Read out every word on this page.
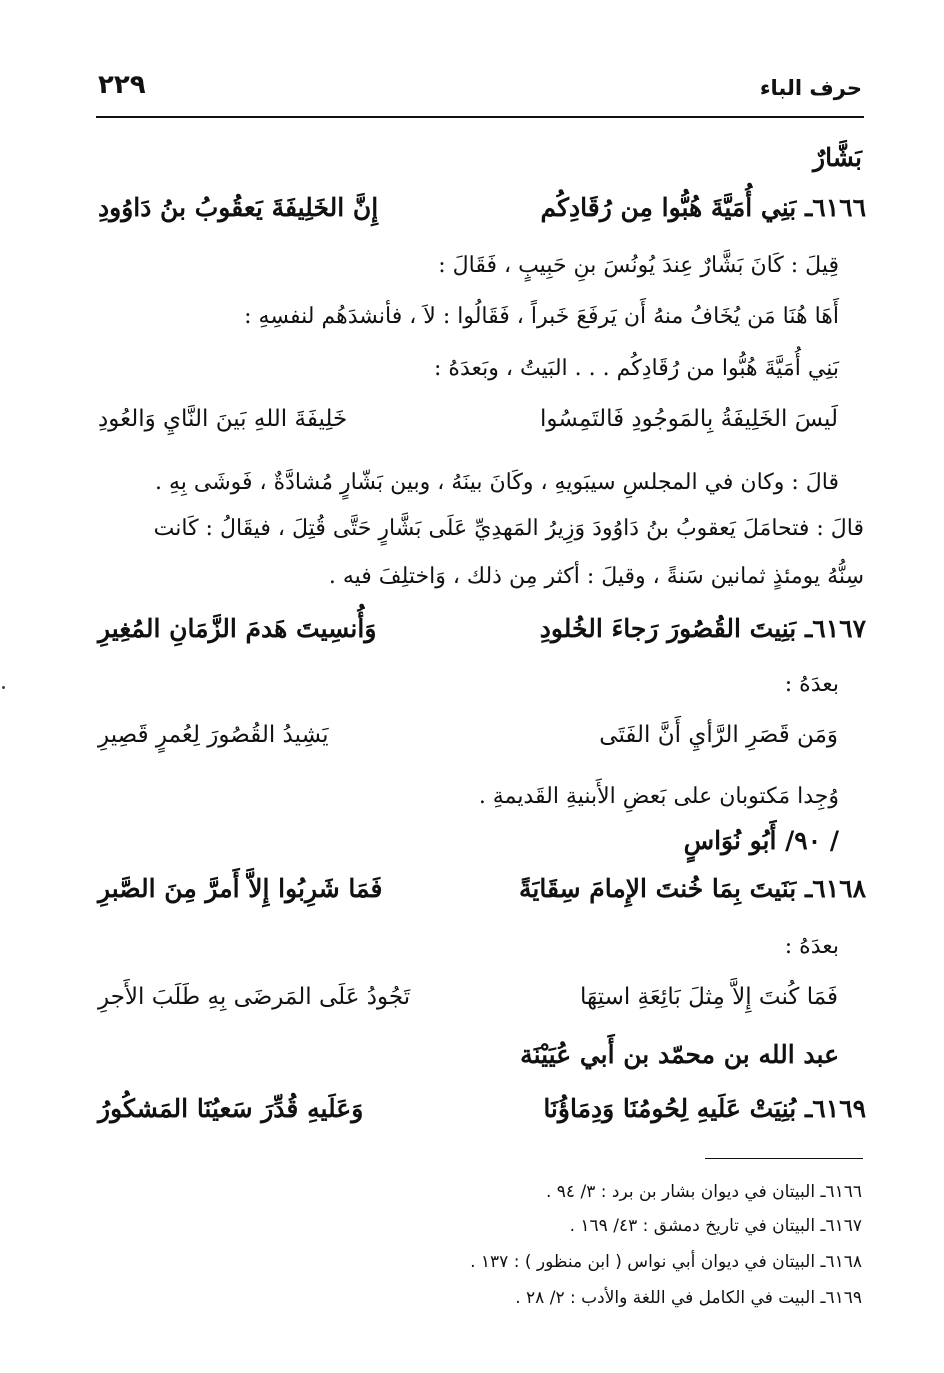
حرف الباء
٢٢٩
بَشَّارٌ
٦١٦٦ـ بَنِي أُمَيَّةَ هُبُّوا مِن رُقَادِكُم
إِنَّ الخَلِيفَةَ يَعقُوبُ بنُ دَاوُودِ
قِيلَ : كَانَ بَشَّارٌ عِندَ يُونُسَ بنِ حَبِيبٍ ، فَقَالَ :
أَهَا هُنَا مَن يُخَافُ منهُ أَن يَرفَعَ خَبراً ، فَقَالُوا : لاَ ، فأنشدَهُم لنفسِهِ :
بَنِي أُمَيَّةَ هُبُّوا من رُقَادِكُم . . . البَيتُ ، وبَعدَهُ :
لَيسَ الخَلِيفَةُ بِالمَوجُودِ فَالتَمِسُوا
خَلِيفَةَ اللهِ بَينَ النَّايِ وَالعُودِ
قالَ : وكان في المجلسِ سيبَويهِ ، وكَانَ بينَهُ ، وبين بَشّارٍ مُشادَّةٌ ، فَوشَى بِهِ .
قالَ : فتحامَلَ يَعقوبُ بنُ دَاوُودَ وَزِيرُ المَهدِيِّ عَلَى بَشَّارٍ حَتَّى قُتِلَ ، فيقَالُ : كَانت
سِنُّهُ يومئذٍ ثمانين سَنةً ، وقيلَ : أكثر مِن ذلك ، وَاختلِفَ فيه .
٦١٦٧ـ بَنِيتَ القُصُورَ رَجاءَ الخُلودِ
وَأُنسِيتَ هَدمَ الزَّمَانِ المُغِيرِ
بعدَهُ :
وَمَن قَصَرِ الرَّأيِ أَنَّ الفَتَى
يَشِيدُ القُصُورَ لِعُمرٍ قَصِيرِ
وُجِدا مَكتوبان على بَعضِ الأَبنيةِ القَديمةِ .
/ ٩٠/ أَبُو نُوَاسٍ
٦١٦٨ـ بَنَيتَ بِمَا خُنتَ الإِمامَ سِقَايَةً
فَمَا شَرِبُوا إِلاَّ أَمرَّ مِنَ الصَّبرِ
بعدَهُ :
فَمَا كُنتَ إِلاَّ مِثلَ بَائِعَةِ استِهَا
تَجُودُ عَلَى المَرضَى بِهِ طَلَبَ الأَجرِ
عبد الله بن محمّد بن أَبي عُيَيْنَة
٦١٦٩ـ بُنِيَتْ عَلَيهِ لِحُومُنَا وَدِمَاؤُنَا
وَعَلَيهِ قُدِّرَ سَعيُنَا المَشكُورُ
٦١٦٦ـ البيتان في ديوان بشار بن برد : ٣/ ٩٤ .
٦١٦٧ـ البيتان في تاريخ دمشق : ٤٣/ ١٦٩ .
٦١٦٨ـ البيتان في ديوان أبي نواس ( ابن منظور ) : ١٣٧ .
٦١٦٩ـ البيت في الكامل في اللغة والأدب : ٢/ ٢٨ .
